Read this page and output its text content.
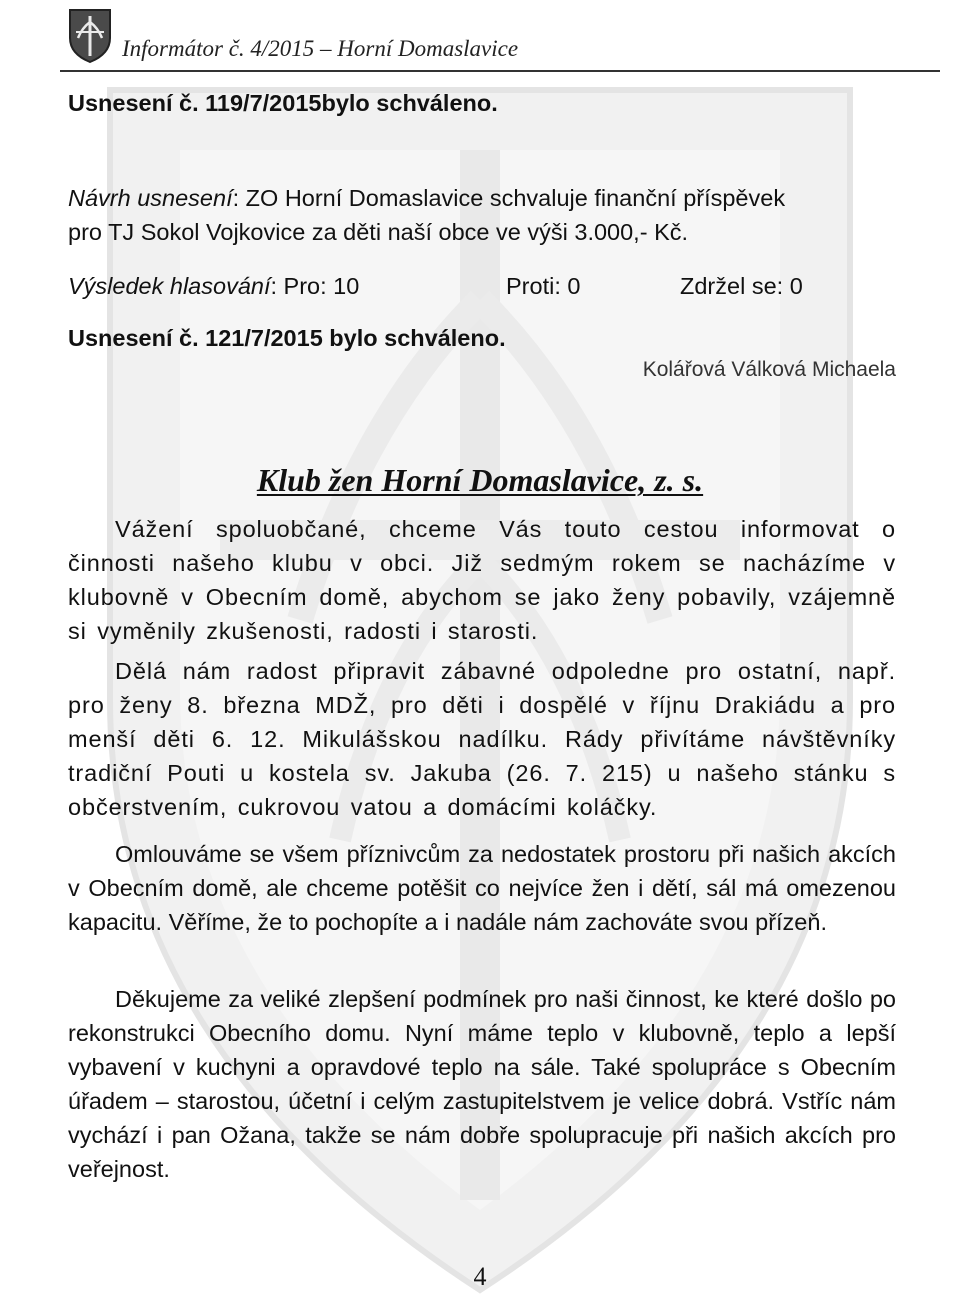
Informátor č. 4/2015 – Horní Domaslavice
Usnesení č. 119/7/2015bylo schváleno.
Návrh usnesení: ZO Horní Domaslavice schvaluje finanční příspěvek
pro TJ Sokol Vojkovice za děti naší obce ve výši 3.000,- Kč.
Výsledek hlasování: Pro: 10	Proti: 0	Zdržel se: 0
Usnesení č. 121/7/2015 bylo schváleno.
Kolářová Válková Michaela
Klub žen Horní Domaslavice, z. s.

Vážení spoluobčané, chceme Vás touto cestou informovat o činnosti našeho klubu v obci. Již sedmým rokem se nacházíme v klubovně v Obecním domě, abychom se jako ženy pobavily, vzájemně si vyměnily zkušenosti, radosti i starosti.

Dělá nám radost připravit zábavné odpoledne pro ostatní, např. pro ženy 8. března MDŽ, pro děti i dospělé v říjnu Drakiádu a pro menší děti 6. 12. Mikulášskou nadílku. Rády přivítáme návštěvníky tradiční Pouti u kostela sv. Jakuba (26. 7. 215) u našeho stánku s občerstvením, cukrovou vatou a domácími koláčky.

Omlouváme se všem příznivcům za nedostatek prostoru při našich akcích v Obecním domě, ale chceme potěšit co nejvíce žen i dětí, sál má omezenou kapacitu. Věříme, že to pochopíte a i nadále nám zachováte svou přízeň.

Děkujeme za veliké zlepšení podmínek pro naši činnost, ke které došlo po rekonstrukci Obecního domu. Nyní máme teplo v klubovně, teplo a lepší vybavení v kuchyni a opravdové teplo na sále. Také spolupráce s Obecním úřadem – starostou, účetní i celým zastupitelstvem je velice dobrá. Vstříc nám vychází i pan Ožana, takže se nám dobře spolupracuje při našich akcích pro veřejnost.

4
